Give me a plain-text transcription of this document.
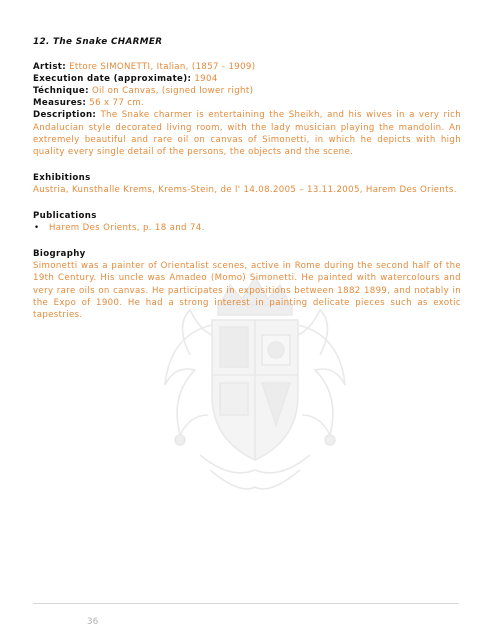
12. The Snake CHARMER

Artist: Ettore SIMONETTI, Italian, (1857 - 1909)

Execution date (approximate): 1904

Téchnique: Oil on Canvas, (signed lower right)

Measures: 56 x 77 cm.

Description: The Snake charmer is entertaining the Sheikh, and his wives in a very rich Andalucian style decorated living room, with the lady musician playing the mandolin. An extremely beautiful and rare oil on canvas of Simonetti, in which he depicts with high quality every single detail of the persons, the objects and the scene.

Exhibitions

Austria, Kunsthalle Krems, Krems-Stein, de l' 14.08.2005 – 13.11.2005, Harem Des Orients.

Publications

• Harem Des Orients, p. 18 and 74.

Biography

Simonetti was a painter of Orientalist scenes, active in Rome during the second half of the 19th Century. His uncle was Amadeo (Momo) Simonetti. He painted with watercolours and very rare oils on canvas. He participates in expositions between 1882 1899, and notably in the Expo of 1900. He had a strong interest in painting delicate pieces such as exotic tapestries.

36
